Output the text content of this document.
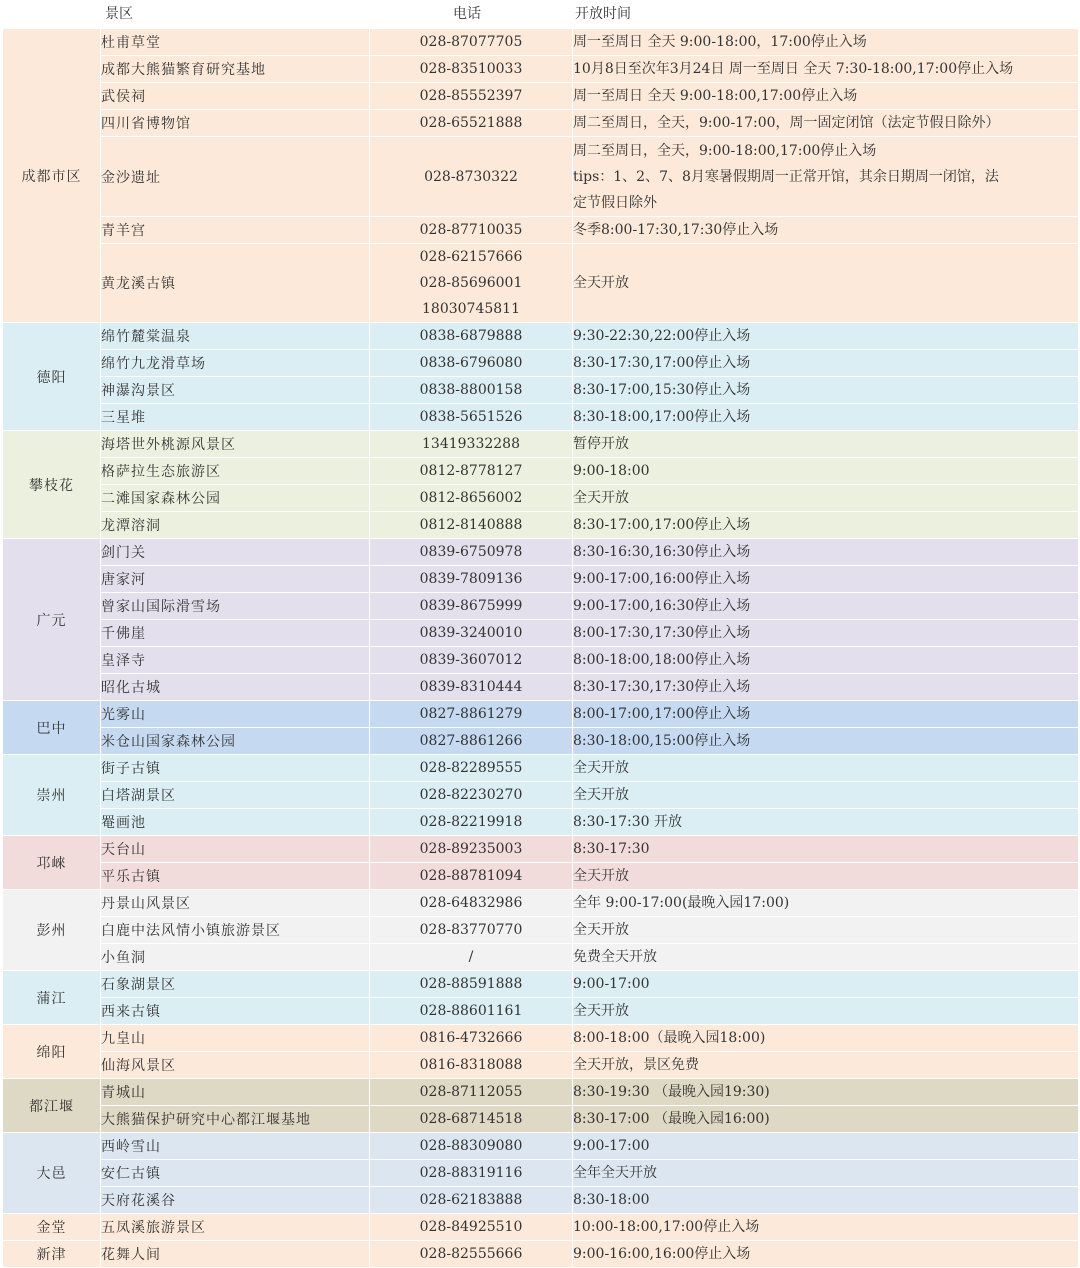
景区	电话	开放时间
成都市区	杜甫草堂	028-87077705	周一至周日 全天 9:00-18:00，17:00停止入场

	成都大熊猫繁育研究基地	028-83510033	10月8日至次年3月24日 周一至周日 全天 7:30-18:00,17:00停止入场

	武侯祠	028-85552397	周一至周日 全天 9:00-18:00,17:00停止入场

	四川省博物馆	028-65521888	周二至周日，全天，9:00-17:00，周一固定闭馆（法定节假日除外）

	金沙遗址	028-8730322	周二至周日，全天，9:00-18:00,17:00停止入场
tips：1、2、7、8月寒暑假期周一正常开馆，其余日期周一闭馆，法
定节假日除外

	青羊宫	028-87710035	冬季8:00-17:30,17:30停止入场

	黄龙溪古镇	028-62157666
028-85696001
18030745811	全天开放

德阳	绵竹麓棠温泉	0838-6879888	9:30-22:30,22:00停止入场

	绵竹九龙滑草场	0838-6796080	8:30-17:30,17:00停止入场

	神瀑沟景区	0838-8800158	8:30-17:00,15:30停止入场

	三星堆	0838-5651526	8:30-18:00,17:00停止入场

攀枝花	海塔世外桃源风景区	13419332288	暂停开放

	格萨拉生态旅游区	0812-8778127	9:00-18:00

	二滩国家森林公园	0812-8656002	全天开放

	龙潭溶洞	0812-8140888	8:30-17:00,17:00停止入场

广元	剑门关	0839-6750978	8:30-16:30,16:30停止入场

	唐家河	0839-7809136	9:00-17:00,16:00停止入场

	曾家山国际滑雪场	0839-8675999	9:00-17:00,16:30停止入场

	千佛崖	0839-3240010	8:00-17:30,17:30停止入场

	皇泽寺	0839-3607012	8:00-18:00,18:00停止入场

	昭化古城	0839-8310444	8:30-17:30,17:30停止入场

巴中	光雾山	0827-8861279	8:00-17:00,17:00停止入场

	米仓山国家森林公园	0827-8861266	8:30-18:00,15:00停止入场

崇州	街子古镇	028-82289555	全天开放

	白塔湖景区	028-82230270	全天开放

	罨画池	028-82219918	8:30-17:30 开放

邛崍	天台山	028-89235003	8:30-17:30

	平乐古镇	028-88781094	全天开放

彭州	丹景山风景区	028-64832986	全年 9:00-17:00(最晚入园17:00)

	白鹿中法风情小镇旅游景区	028-83770770	全天开放

	小鱼洞	/	免费全天开放

蒲江	石象湖景区	028-88591888	9:00-17:00

	西来古镇	028-88601161	全天开放

绵阳	九皇山	0816-4732666	8:00-18:00（最晚入园18:00)

	仙海风景区	0816-8318088	全天开放，景区免费

都江堰	青城山	028-87112055	8:30-19:30 （最晚入园19:30)

	大熊猫保护研究中心都江堰基地	028-68714518	8:30-17:00 （最晚入园16:00)

大邑	西岭雪山	028-88309080	9:00-17:00

	安仁古镇	028-88319116	全年全天开放

	天府花溪谷	028-62183888	8:30-18:00

金堂	五凤溪旅游景区	028-84925510	10:00-18:00,17:00停止入场

新津	花舞人间	028-82555666	9:00-16:00,16:00停止入场
